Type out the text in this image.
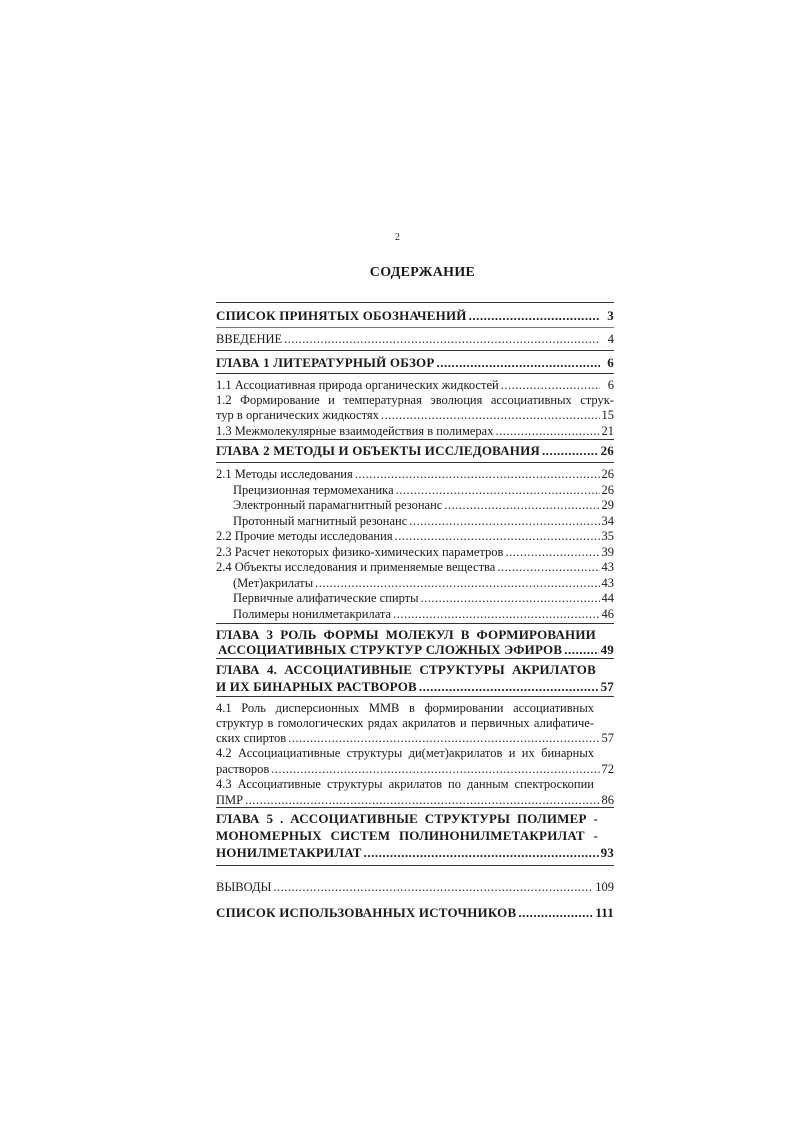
2
СОДЕРЖАНИЕ
СПИСОК ПРИНЯТЫХ ОБОЗНАЧЕНИЙ .....	3
ВВЕДЕНИЕ .....	4
ГЛАВА 1 ЛИТЕРАТУРНЫЙ ОБЗОР .....	6
1.1 Ассоциативная природа органических жидкостей .....	6
1.2 Формирование и температурная эволюция ассоциативных струк-
тур в органических жидкостях .....	15
1.3 Межмолекулярные взаимодействия в полимерах .....	21
ГЛАВА 2 МЕТОДЫ И ОБЪЕКТЫ ИССЛЕДОВАНИЯ .....	26
2.1 Методы исследования .....	26
Прецизионная термомеханика .....	26
Электронный парамагнитный резонанс .....	29
Протонный магнитный резонанс .....	34
2.2 Прочие методы исследования .....	35
2.3 Расчет некоторых физико-химических параметров .....	39
2.4 Объекты исследования и применяемые вещества .....	43
(Мет)акрилаты .....	43
Первичные алифатические спирты .....	44
Полимеры нонилметакрилата .....	46
ГЛАВА 3 РОЛЬ ФОРМЫ МОЛЕКУЛ В ФОРМИРОВАНИИ
АССОЦИАТИВНЫХ СТРУКТУР СЛОЖНЫХ ЭФИРОВ .....	49
ГЛАВА 4. АССОЦИАТИВНЫЕ СТРУКТУРЫ АКРИЛАТОВ
И ИХ БИНАРНЫХ РАСТВОРОВ .....	57
4.1 Роль дисперсионных ММВ в формировании ассоциативных
структур в гомологических рядах акрилатов и первичных алифатиче-
ских спиртов .....	57
4.2 Ассоциациативные структуры ди(мет)акрилатов и их бинарных
растворов .....	72
4.3 Ассоциативные структуры акрилатов по данным спектроскопии
ПМР .....	86
ГЛАВА 5 . АССОЦИАТИВНЫЕ СТРУКТУРЫ ПОЛИМЕР -
МОНОМЕРНЫХ СИСТЕМ ПОЛИНОНИЛМЕТАКРИЛАТ -
НОНИЛМЕТАКРИЛАТ .....	93
ВЫВОДЫ .....	109
СПИСОК ИСПОЛЬЗОВАННЫХ ИСТОЧНИКОВ .....	111
